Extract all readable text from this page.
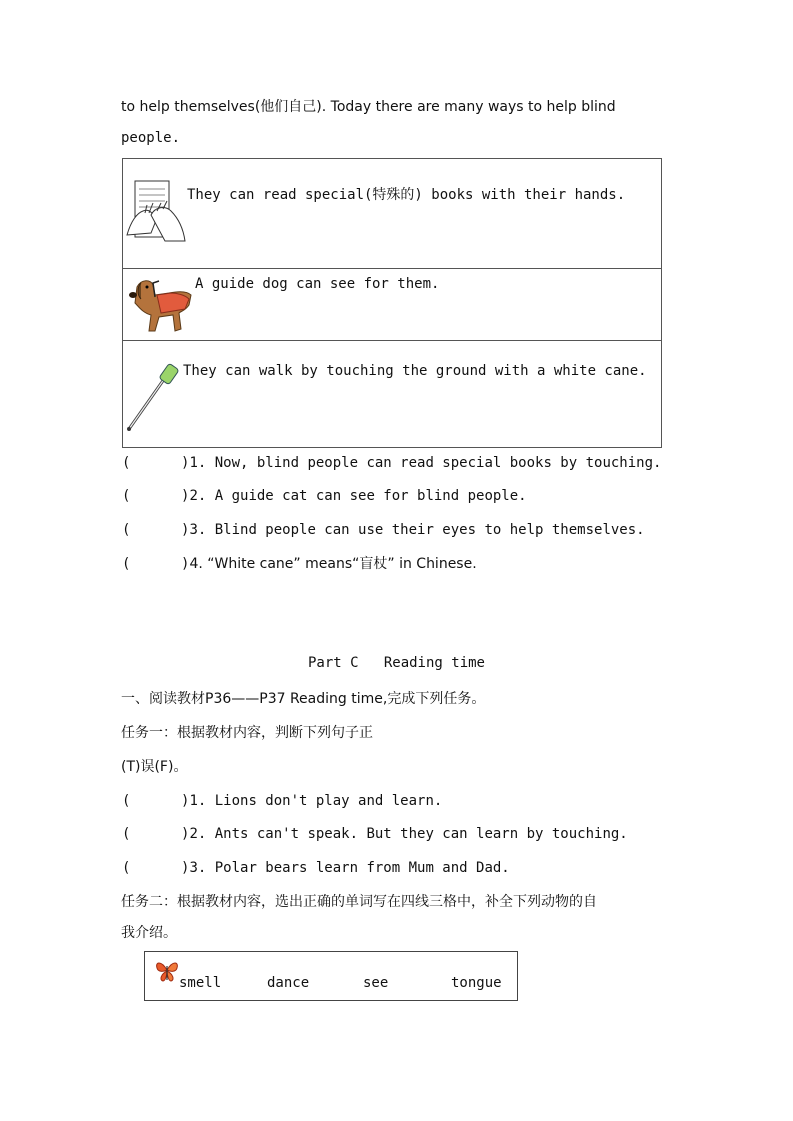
to help themselves(他们自己). Today there are many ways to help blind
people.
They can read special(特殊的) books with their hands.
A guide dog can see for them.
They can walk by touching the ground with a white cane.
(      )1. Now, blind people can read special books by touching.
(      )2. A guide cat can see for blind people.
(      )3. Blind people can use their eyes to help themselves.
(      )4. “White cane” means“盲杖” in Chinese.
Part C   Reading time
一、阅读教材P36——P37 Reading time,完成下列任务。
任务一：根据教材内容，判断下列句子正
(T)误(F)。
(      )1. Lions don't play and learn.
(      )2. Ants can't speak. But they can learn by touching.
(      )3. Polar bears learn from Mum and Dad.
任务二：根据教材内容，选出正确的单词写在四线三格中，补全下列动物的自
我介绍。
smell	dance	see	tongue
